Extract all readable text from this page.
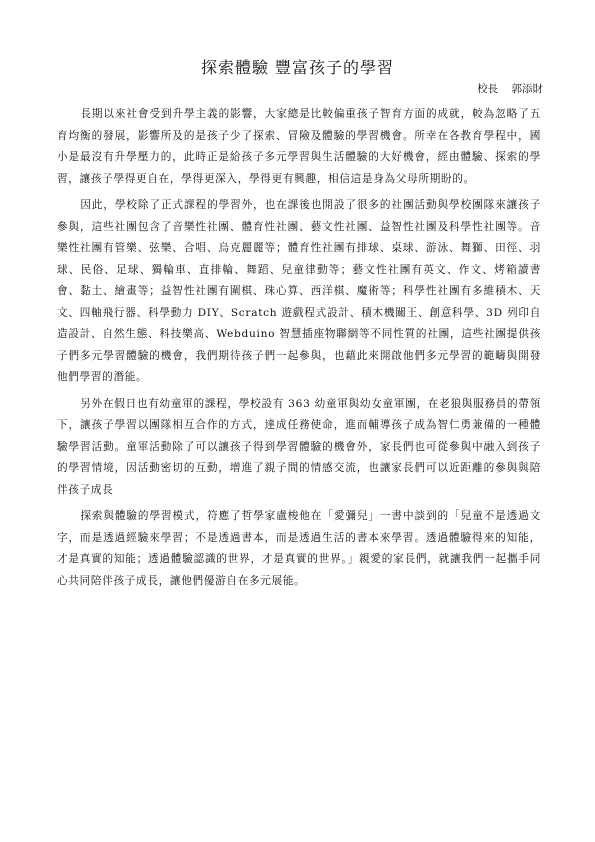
探索體驗 豐富孩子的學習
校長 郭添財

長期以來社會受到升學主義的影響，大家總是比較偏重孩子智育方面的成就，較為忽略了五育均衡的發展，影響所及的是孩子少了探索、冒險及體驗的學習機會。所幸在各教育學程中，國小是最沒有升學壓力的，此時正是給孩子多元學習與生活體驗的大好機會，經由體驗、探索的學習，讓孩子學得更自在，學得更深入，學得更有興趣，相信這是身為父母所期盼的。

因此，學校除了正式課程的學習外，也在課後也開設了很多的社團活動與學校團隊來讓孩子參與，這些社團包含了音樂性社團、體育性社團、藝文性社團、益智性社團及科學性社團等。音樂性社團有管樂、弦樂、合唱、烏克麗麗等；體育性社團有排球、桌球、游泳、舞獅、田徑、羽球、民俗、足球、獨輪車、直排輪、舞蹈、兒童律動等；藝文性社團有英文、作文、烤箱讀書會、黏土、繪畫等；益智性社團有圍棋、珠心算、西洋棋、魔術等；科學性社團有多維積木、天文、四軸飛行器、科學動力 DIY、Scratch 遊戲程式設計、積木機關王、創意科學、3D 列印自造設計、自然生態、科技樂高、Webduino 智慧插座物聯網等不同性質的社團，這些社團提供孩子們多元學習體驗的機會，我們期待孩子們一起參與，也藉此來開啟他們多元學習的範疇與開發他們學習的潛能。

另外在假日也有幼童軍的課程，學校設有 363 幼童軍與幼女童軍團，在老狼與服務員的帶領下，讓孩子學習以團隊相互合作的方式，達成任務使命，進而輔導孩子成為智仁勇兼備的一種體驗學習活動。童軍活動除了可以讓孩子得到學習體驗的機會外，家長們也可從參與中融入到孩子的學習情境，因活動密切的互動，增進了親子間的情感交流，也讓家長們可以近距離的參與與陪伴孩子成長

探索與體驗的學習模式，符應了哲學家盧梭他在「愛彌兒」一書中談到的「兒童不是透過文字，而是透過經驗來學習；不是透過書本，而是透過生活的書本來學習。透過體驗得來的知能，才是真實的知能；透過體驗認識的世界，才是真實的世界。」親愛的家長們，就讓我們一起攜手同心共同陪伴孩子成長，讓他們優游自在多元展能。
